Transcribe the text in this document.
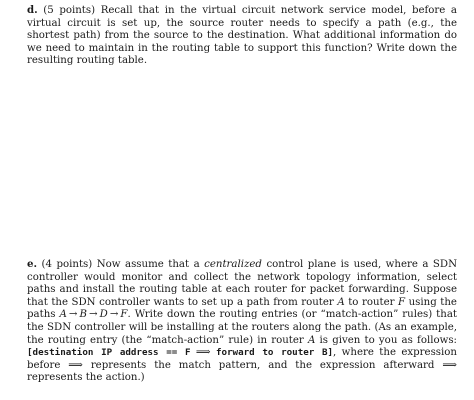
d. (5 points) Recall that in the virtual circuit network service model, before a virtual circuit is set up, the source router needs to specify a path (e.g., the shortest path) from the source to the destination. What additional information do we need to maintain in the routing table to support this function? Write down the resulting routing table.

e. (4 points) Now assume that a centralized control plane is used, where a SDN controller would monitor and collect the network topology information, select paths and install the routing table at each router for packet forwarding. Suppose that the SDN controller wants to set up a path from router A to router F using the paths A  →  B  →  D  →  F. Write down the routing entries (or “match-action” rules) that the SDN controller will be installing at the routers along the path. (As an example, the routing entry (the “match-action” rule) in router A is given to you as follows: [destination IP address == F ⟹ forward to router B], where the expression before ⟹ represents the match pattern, and the expression afterward ⟹ represents the action.)
